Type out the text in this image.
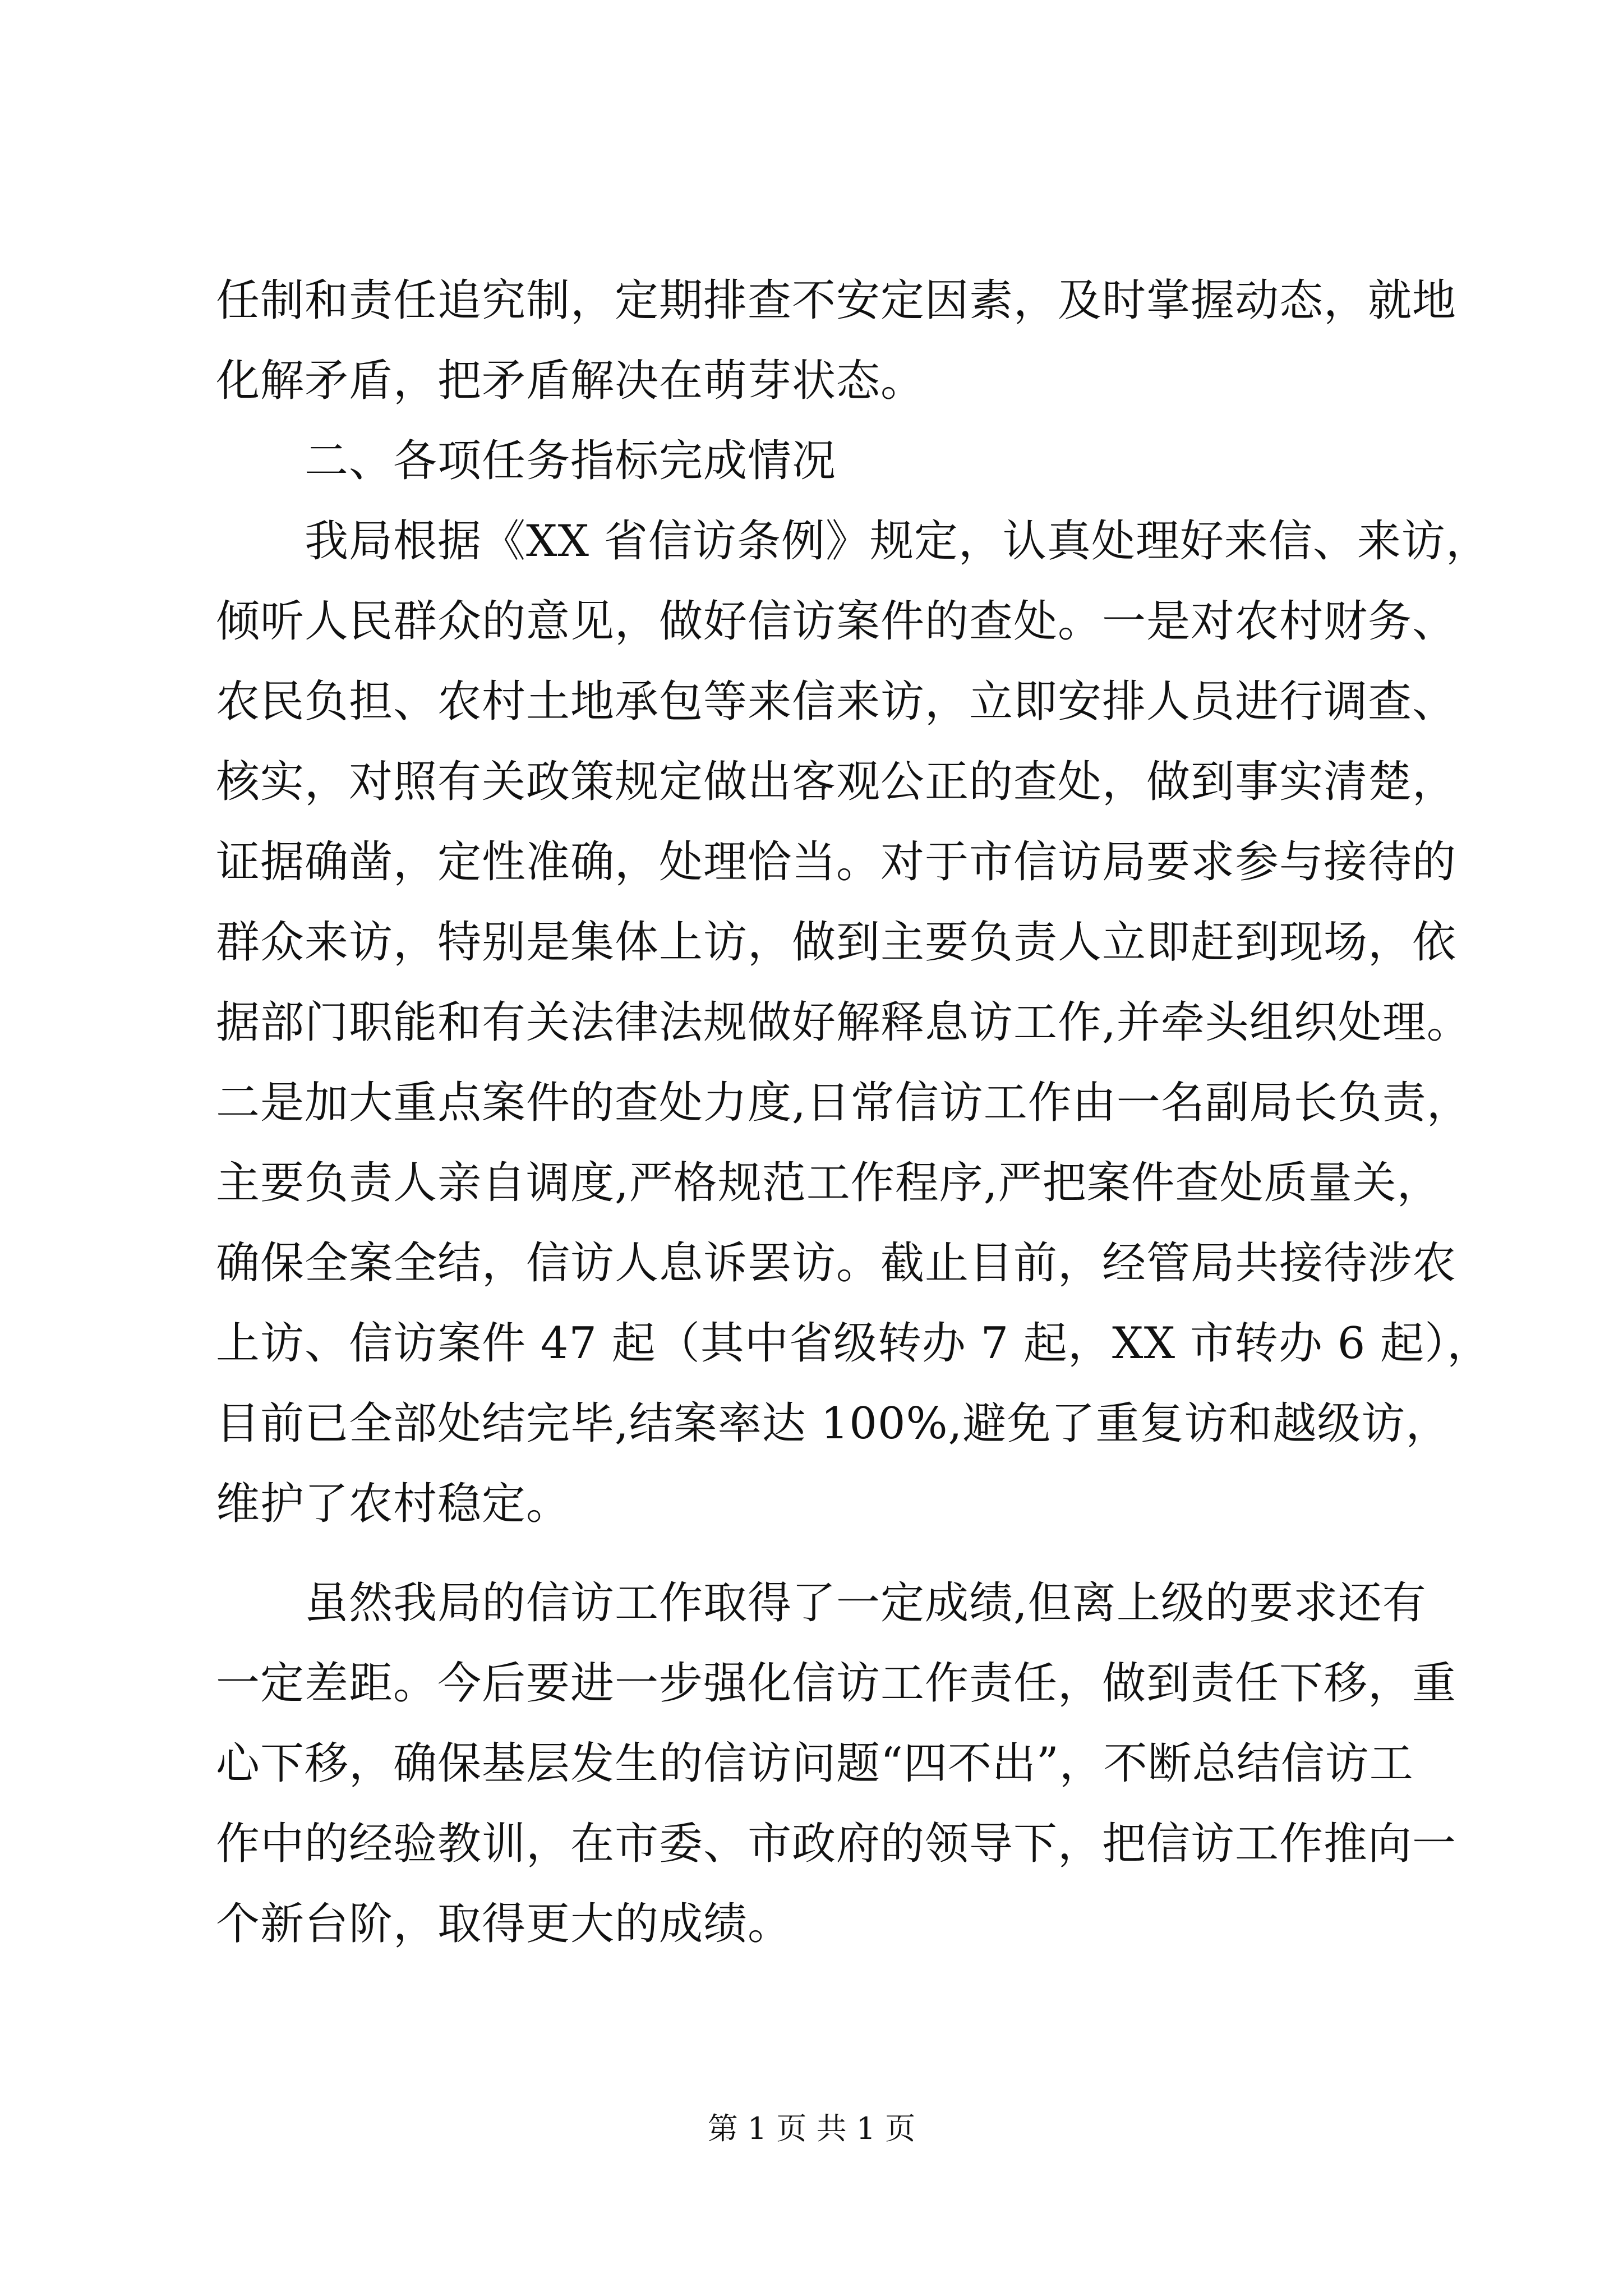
任制和责任追究制，定期排查不安定因素，及时掌握动态，就地
化解矛盾，把矛盾解决在萌芽状态。
二、各项任务指标完成情况
我局根据《XX 省信访条例》规定，认真处理好来信、来访，
倾听人民群众的意见，做好信访案件的查处。一是对农村财务、
农民负担、农村土地承包等来信来访，立即安排人员进行调查、
核实，对照有关政策规定做出客观公正的查处，做到事实清楚，
证据确凿，定性准确，处理恰当。对于市信访局要求参与接待的
群众来访，特别是集体上访，做到主要负责人立即赶到现场，依
据部门职能和有关法律法规做好解释息访工作,并牵头组织处理。
二是加大重点案件的查处力度,日常信访工作由一名副局长负责，
主要负责人亲自调度,严格规范工作程序,严把案件查处质量关，
确保全案全结，信访人息诉罢访。截止目前，经管局共接待涉农
上访、信访案件 47 起（其中省级转办 7 起，XX 市转办 6 起），
目前已全部处结完毕,结案率达 100%,避免了重复访和越级访，
维护了农村稳定。
虽然我局的信访工作取得了一定成绩,但离上级的要求还有
一定差距。今后要进一步强化信访工作责任，做到责任下移，重
心下移，确保基层发生的信访问题“四不出”，不断总结信访工
作中的经验教训，在市委、市政府的领导下，把信访工作推向一
个新台阶，取得更大的成绩。
第 1 页 共 1 页
